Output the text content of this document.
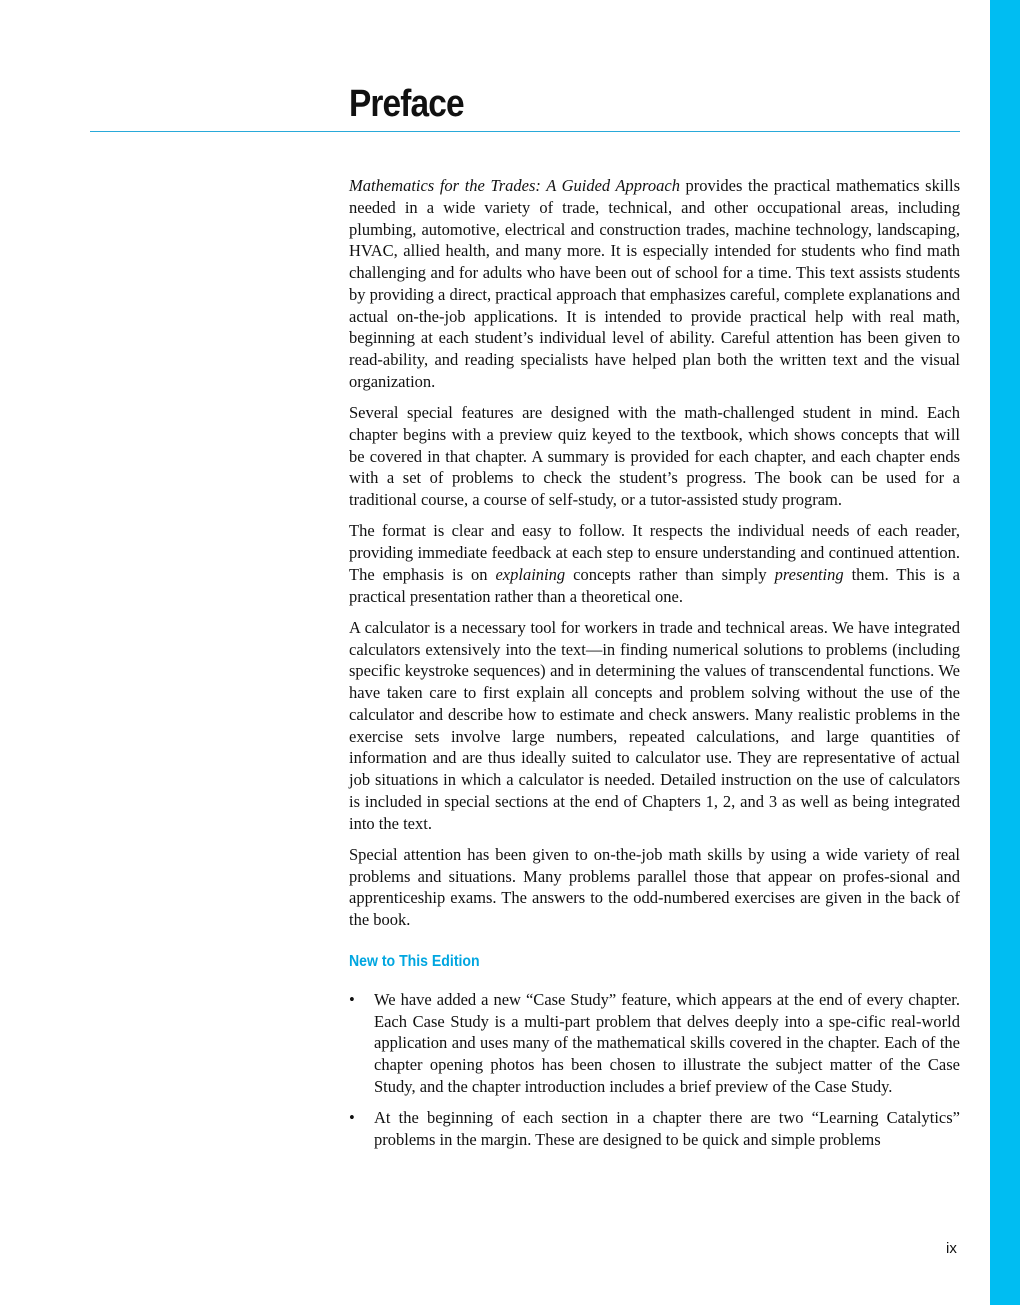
Preface

Mathematics for the Trades: A Guided Approach provides the practical mathematics skills needed in a wide variety of trade, technical, and other occupational areas, including plumbing, automotive, electrical and construction trades, machine technology, landscaping, HVAC, allied health, and many more. It is especially intended for students who find math challenging and for adults who have been out of school for a time. This text assists students by providing a direct, practical approach that emphasizes careful, complete explanations and actual on-the-job applications. It is intended to provide practical help with real math, beginning at each student’s individual level of ability. Careful attention has been given to read-ability, and reading specialists have helped plan both the written text and the visual organization.

Several special features are designed with the math-challenged student in mind. Each chapter begins with a preview quiz keyed to the textbook, which shows concepts that will be covered in that chapter. A summary is provided for each chapter, and each chapter ends with a set of problems to check the student’s progress. The book can be used for a traditional course, a course of self-study, or a tutor-assisted study program.

The format is clear and easy to follow. It respects the individual needs of each reader, providing immediate feedback at each step to ensure understanding and continued attention. The emphasis is on explaining concepts rather than simply presenting them. This is a practical presentation rather than a theoretical one.

A calculator is a necessary tool for workers in trade and technical areas. We have integrated calculators extensively into the text—in finding numerical solutions to problems (including specific keystroke sequences) and in determining the values of transcendental functions. We have taken care to first explain all concepts and problem solving without the use of the calculator and describe how to estimate and check answers. Many realistic problems in the exercise sets involve large numbers, repeated calculations, and large quantities of information and are thus ideally suited to calculator use. They are representative of actual job situations in which a calculator is needed. Detailed instruction on the use of calculators is included in special sections at the end of Chapters 1, 2, and 3 as well as being integrated into the text.

Special attention has been given to on-the-job math skills by using a wide variety of real problems and situations. Many problems parallel those that appear on profes-sional and apprenticeship exams. The answers to the odd-numbered exercises are given in the back of the book.

New to This Edition
• We have added a new “Case Study” feature, which appears at the end of every chapter. Each Case Study is a multi-part problem that delves deeply into a spe-cific real-world application and uses many of the mathematical skills covered in the chapter. Each of the chapter opening photos has been chosen to illustrate the subject matter of the Case Study, and the chapter introduction includes a brief preview of the Case Study.
• At the beginning of each section in a chapter there are two “Learning Catalytics” problems in the margin. These are designed to be quick and simple problems
ix
